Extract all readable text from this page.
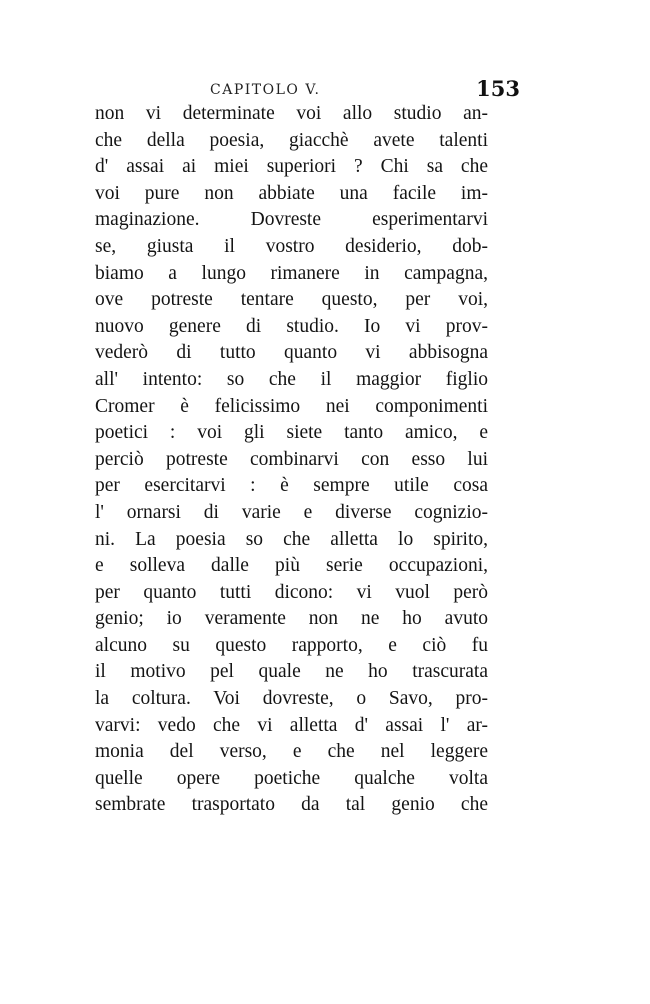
CAPITOLO V.	153
non vi determinate voi allo studio an-
che della poesia, giacchè avete talenti
d' assai ai miei superiori ? Chi sa che
voi pure non abbiate una facile im-
maginazione. Dovreste esperimentarvi
se, giusta il vostro desiderio, dob-
biamo a lungo rimanere in campagna,
ove potreste tentare questo, per voi,
nuovo genere di studio. Io vi prov-
vederò di tutto quanto vi abbisogna
all' intento: so che il maggior figlio
Cromer è felicissimo nei componimenti
poetici : voi gli siete tanto amico, e
perciò potreste combinarvi con esso lui
per esercitarvi : è sempre utile cosa
l' ornarsi di varie e diverse cognizio-
ni. La poesia so che alletta lo spirito,
e solleva dalle più serie occupazioni,
per quanto tutti dicono: vi vuol però
genio; io veramente non ne ho avuto
alcuno su questo rapporto, e ciò fu
il motivo pel quale ne ho trascurata
la coltura. Voi dovreste, o Savo, pro-
varvi: vedo che vi alletta d' assai l' ar-
monia del verso, e che nel leggere
quelle opere poetiche qualche volta
sembrate trasportato da tal genio che
